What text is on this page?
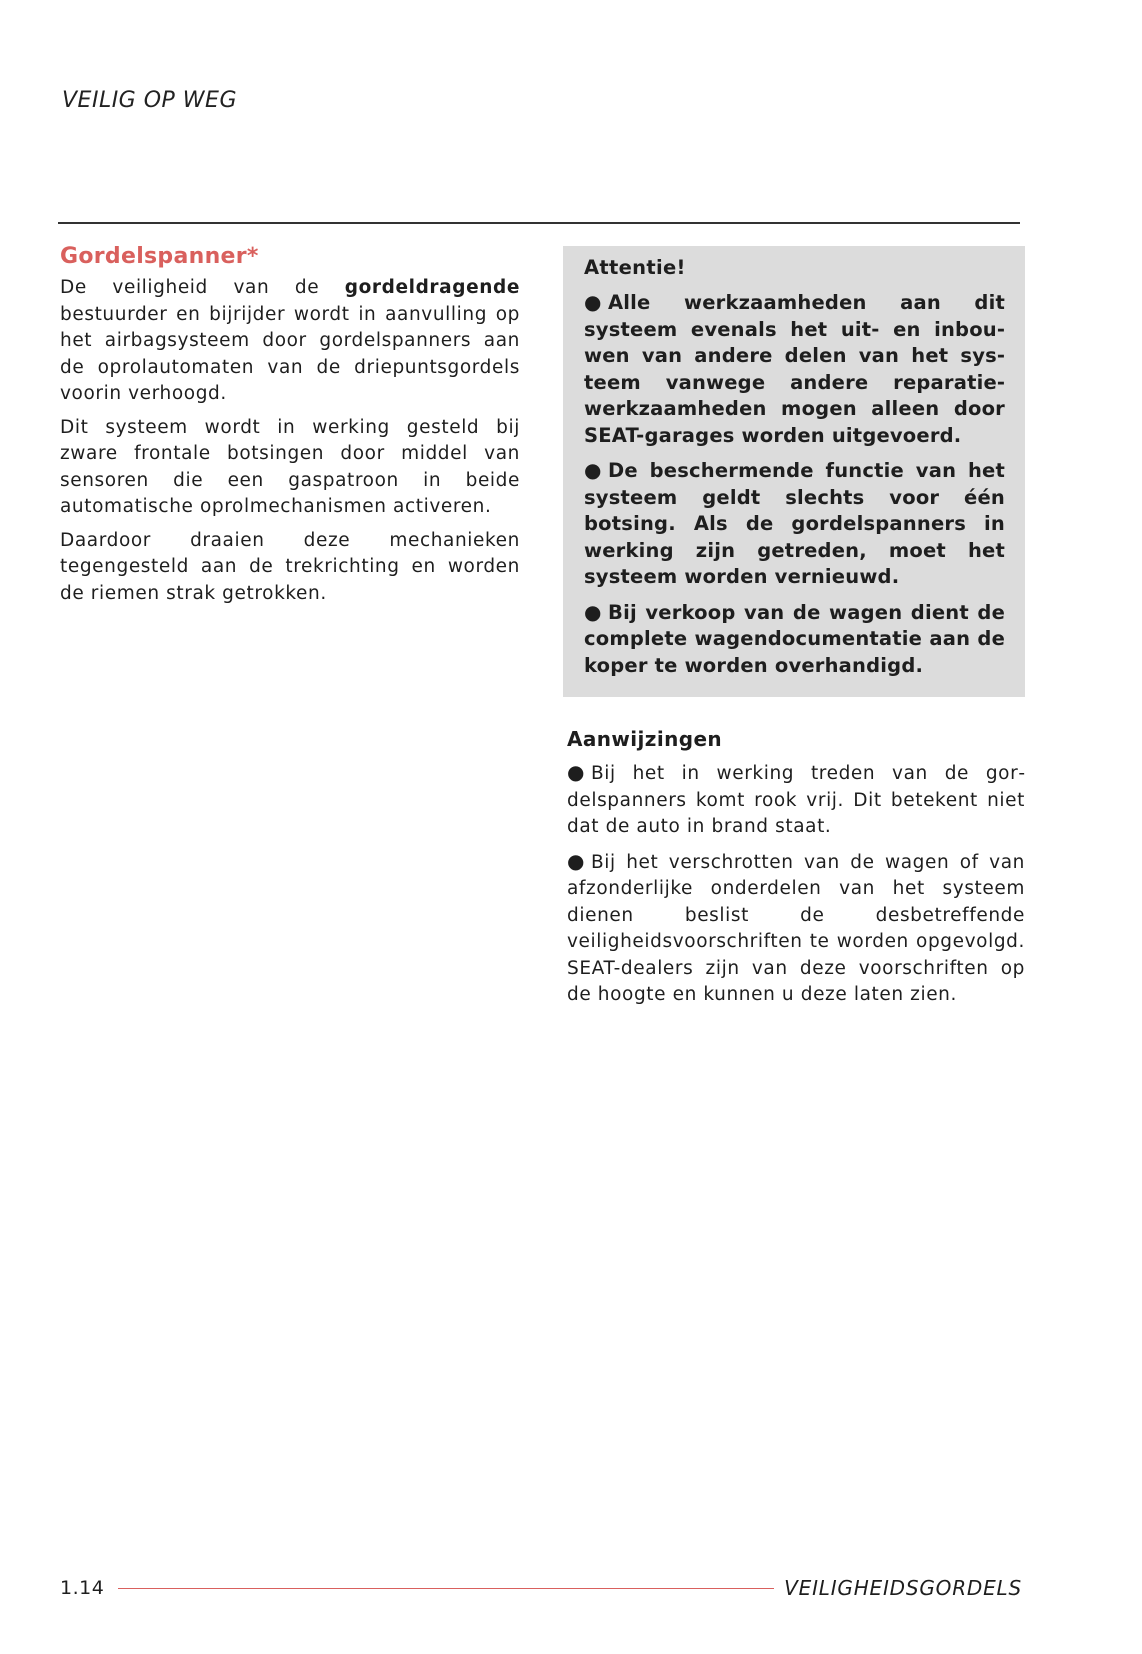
VEILIG OP WEG
Gordelspanner*

De veiligheid van de gordeldragende bestuurder en bijrijder wordt in aanvulling op het airbagsysteem door gordelspanners aan de oprolautomaten van de driepuntsgordels voorin verhoogd.

Dit systeem wordt in werking gesteld bij zware frontale botsingen door middel van sensoren die een gaspatroon in beide automatische oprolmechanismen activeren.

Daardoor draaien deze mechanieken tegengesteld aan de trekrichting en worden de riemen strak getrokken.

Attentie!

● Alle werkzaamheden aan dit systeem evenals het uit- en inbouwen van andere delen van het systeem vanwege andere reparatiewerkzaamheden mogen alleen door SEAT-garages worden uitgevoerd.

● De beschermende functie van het systeem geldt slechts voor één botsing. Als de gordelspanners in werking zijn getreden, moet het systeem worden vernieuwd.

● Bij verkoop van de wagen dient de complete wagendocumentatie aan de koper te worden overhandigd.

Aanwijzingen

● Bij het in werking treden van de gordelspanners komt rook vrij. Dit betekent niet dat de auto in brand staat.

● Bij het verschrotten van de wagen of van afzonderlijke onderdelen van het systeem dienen beslist de desbetreffende veiligheidsvoorschriften te worden opgevolgd. SEAT-dealers zijn van deze voorschriften op de hoogte en kunnen u deze laten zien.

1.14	VEILIGHEIDSGORDELS
